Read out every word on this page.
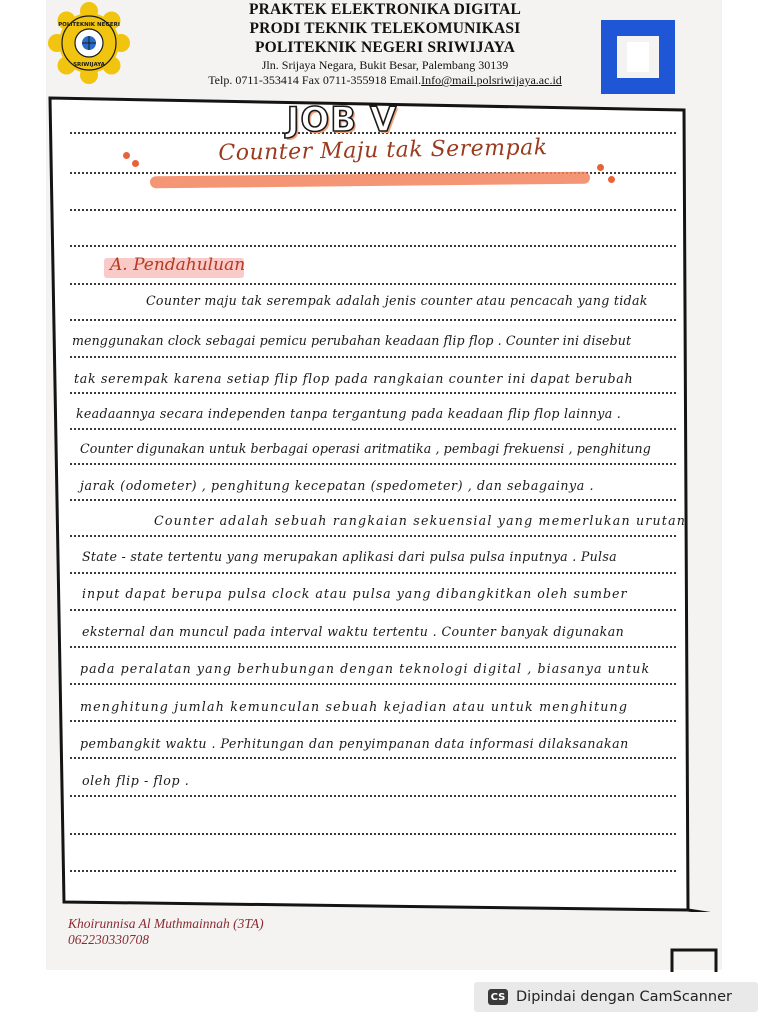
POLITEKNIK NEGERI
SRIWIJAYA
PRAKTEK ELEKTRONIKA DIGITAL
PRODI TEKNIK TELEKOMUNIKASI
POLITEKNIK NEGERI SRIWIJAYA
Jln. Srijaya Negara, Bukit Besar, Palembang 30139
Telp. 0711-353414 Fax 0711-355918 Email.Info@mail.polsriwijaya.ac.id
JOB V
Counter Maju tak Serempak
A. Pendahuluan
Counter maju tak serempak adalah jenis counter atau pencacah yang tidak
menggunakan clock sebagai pemicu perubahan keadaan flip flop . Counter ini disebut
tak serempak karena setiap flip flop pada rangkaian counter ini dapat berubah
keadaannya secara independen tanpa tergantung pada keadaan flip flop lainnya .
Counter digunakan untuk berbagai operasi aritmatika , pembagi frekuensi , penghitung
jarak (odometer) , penghitung kecepatan (spedometer) , dan sebagainya .
Counter adalah sebuah rangkaian sekuensial yang memerlukan urutan
State - state tertentu yang merupakan aplikasi dari pulsa pulsa inputnya . Pulsa
input dapat berupa pulsa clock atau pulsa yang dibangkitkan oleh sumber
eksternal dan muncul pada interval waktu tertentu . Counter banyak digunakan
pada peralatan yang berhubungan dengan teknologi digital , biasanya untuk
menghitung jumlah kemunculan sebuah kejadian atau untuk menghitung
pembangkit waktu . Perhitungan dan penyimpanan data informasi dilaksanakan
oleh flip - flop .
Khoirunnisa Al Muthmainnah (3TA)
062230330708
CS Dipindai dengan CamScanner
